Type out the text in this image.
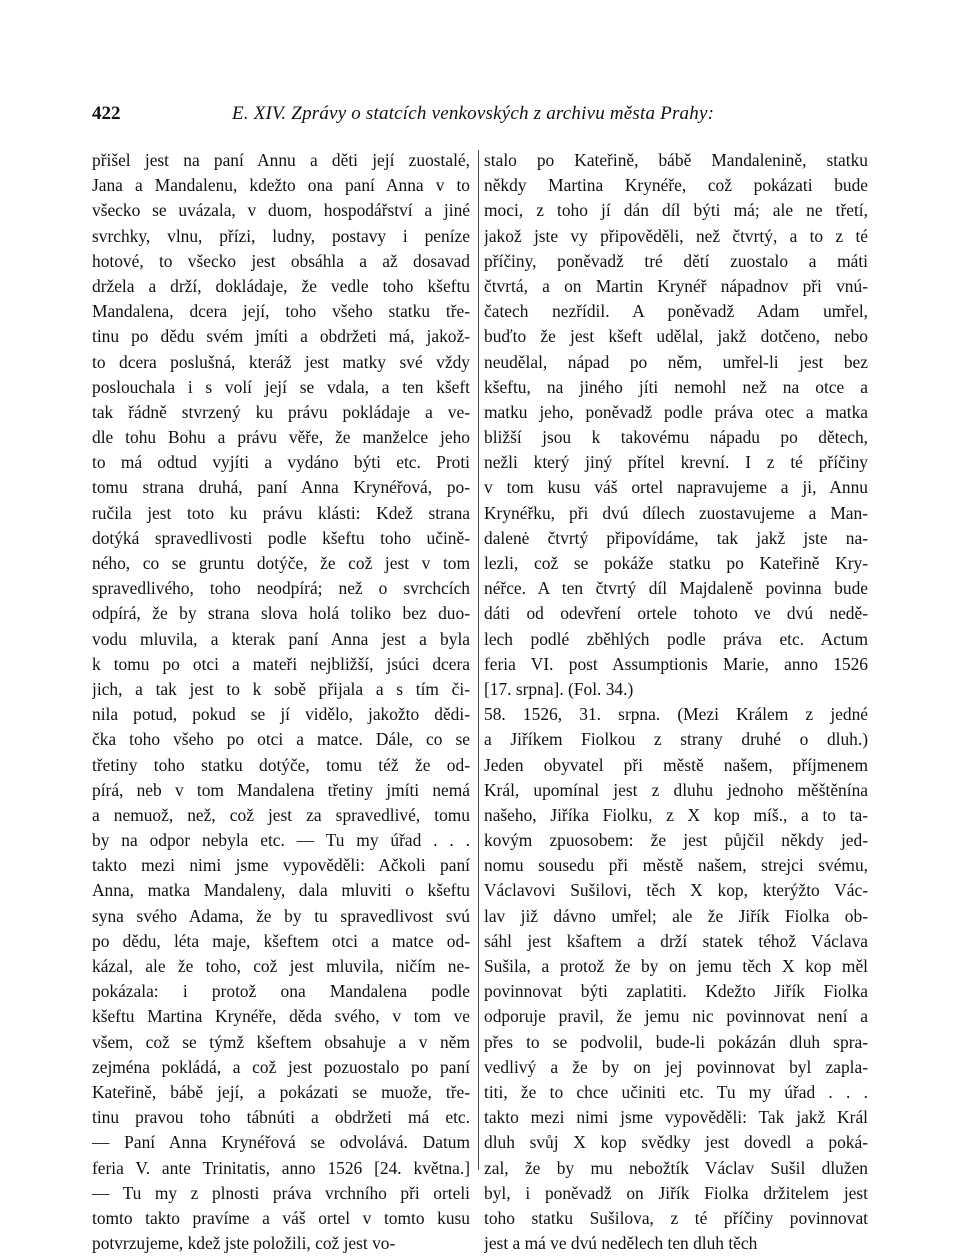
422	E. XIV. Zprávy o statcích venkovských z archivu města Prahy:
přišel jest na paní Annu a děti její zuostalé,
Jana a Mandalenu, kdežto ona paní Anna v to
všecko se uvázala, v duom, hospodářství a jiné
svrchky, vlnu, přízi, ludny, postavy i peníze
hotové, to všecko jest obsáhla a až dosavad
držela a drží, dokládaje, že vedle toho kšeftu
Mandalena, dcera její, toho všeho statku tře-
tinu po dědu svém jmíti a obdržeti má, jakož-
to dcera poslušná, kteráž jest matky své vždy
poslouchala i s volí její se vdala, a ten kšeft
tak řádně stvrzený ku právu pokládaje a ve-
dle tohu Bohu a právu věře, že manželce jeho
to má odtud vyjíti a vydáno býti etc. Proti
tomu strana druhá, paní Anna Krynéřová, po-
ručila jest toto ku právu klásti: Kdež strana
dotýká spravedlivosti podle kšeftu toho učině-
ného, co se gruntu dotýče, že což jest v tom
spravedlivého, toho neodpírá; než o svrchcích
odpírá, že by strana slova holá toliko bez duo-
vodu mluvila, a kterak paní Anna jest a byla
k tomu po otci a mateři nejbližší, jsúci dcera
jich, a tak jest to k sobě přijala a s tím či-
nila potud, pokud se jí vidělo, jakožto dědi-
čka toho všeho po otci a matce. Dále, co se
třetiny toho statku dotýče, tomu též že od-
pírá, neb v tom Mandalena třetiny jmíti nemá
a nemuož, než, což jest za spravedlivé, tomu
by na odpor nebyla etc. — Tu my úřad . . .
takto mezi nimi jsme vypověděli: Ačkoli paní
Anna, matka Mandaleny, dala mluviti o kšeftu
syna svého Adama, že by tu spravedlivost svú
po dědu, léta maje, kšeftem otci a matce od-
kázal, ale že toho, což jest mluvila, ničím ne-
pokázala: i protož ona Mandalena podle
kšeftu Martina Krynéře, děda svého, v tom ve
všem, což se týmž kšeftem obsahuje a v něm
zejména pokládá, a což jest pozuostalo po paní
Kateřině, bábě její, a pokázati se muože, tře-
tinu pravou toho tábnúti a obdržeti má etc.
— Paní Anna Krynéřová se odvolává. Datum
feria V. ante Trinitatis, anno 1526 [24. května.]
— Tu my z plnosti práva vrchního při orteli
tomto takto pravíme a váš ortel v tomto kusu
potvrzujeme, kdež jste položili, což jest vo-
stalo po Kateřině, bábě Mandalenině, statku
někdy Martina Krynéře, což pokázati bude
moci, z toho jí dán díl býti má; ale ne třetí,
jakož jste vy připověděli, než čtvrtý, a to z té
příčiny, poněvadž tré dětí zuostalo a máti
čtvrtá, a on Martin Krynéř nápadnov při vnú-
čatech nezřídil. A poněvadž Adam umřel,
buďto že jest kšeft udělal, jakž dotčeno, nebo
neudělal, nápad po něm, umřel-li jest bez
kšeftu, na jiného jíti nemohl než na otce a
matku jeho, poněvadž podle práva otec a matka
bližší jsou k takovému nápadu po dětech,
nežli který jiný přítel krevní. I z té příčiny
v tom kusu váš ortel napravujeme a ji, Annu
Krynéřku, při dvú dílech zuostavujeme a Man-
dalenė čtvrtý připovídáme, tak jakž jste na-
lezli, což se pokáže statku po Kateřině Kry-
néřce. A ten čtvrtý díl Majdaleně povinna bude
dáti od odevření ortele tohoto ve dvú nedě-
lech podlé zběhlých podle práva etc. Actum
feria VI. post Assumptionis Marie, anno 1526
[17. srpna]. (Fol. 34.)
58. 1526, 31. srpna. (Mezi Králem z jedné
a Jiříkem Fiolkou z strany druhé o dluh.)
Jeden obyvatel při městě našem, příjmenem
Král, upomínal jest z dluhu jednoho měštěnína
našeho, Jiříka Fiolku, z X kop míš., a to ta-
kovým zpuosobem: že jest půjčil někdy jed-
nomu sousedu při městě našem, strejci svému,
Václavovi Sušilovi, těch X kop, kterýžto Vác-
lav již dávno umřel; ale že Jiřík Fiolka ob-
sáhl jest kšaftem a drží statek téhož Václava
Sušila, a protož že by on jemu těch X kop měl
povinnovat býti zaplatiti. Kdežto Jiřík Fiolka
odporuje pravil, že jemu nic povinnovat není a
přes to se podvolil, bude-li pokázán dluh spra-
vedlivý a že by on jej povinnovat byl zapla-
titi, že to chce učiniti etc. Tu my úřad . . .
takto mezi nimi jsme vypověděli: Tak jakž Král
dluh svůj X kop svědky jest dovedl a poká-
zal, že by mu nebožtík Václav Sušil dlužen
byl, i poněvadž on Jiřík Fiolka držitelem jest
toho statku Sušilova, z té příčiny povinnovat
jest a má ve dvú nedělech ten dluh těch
